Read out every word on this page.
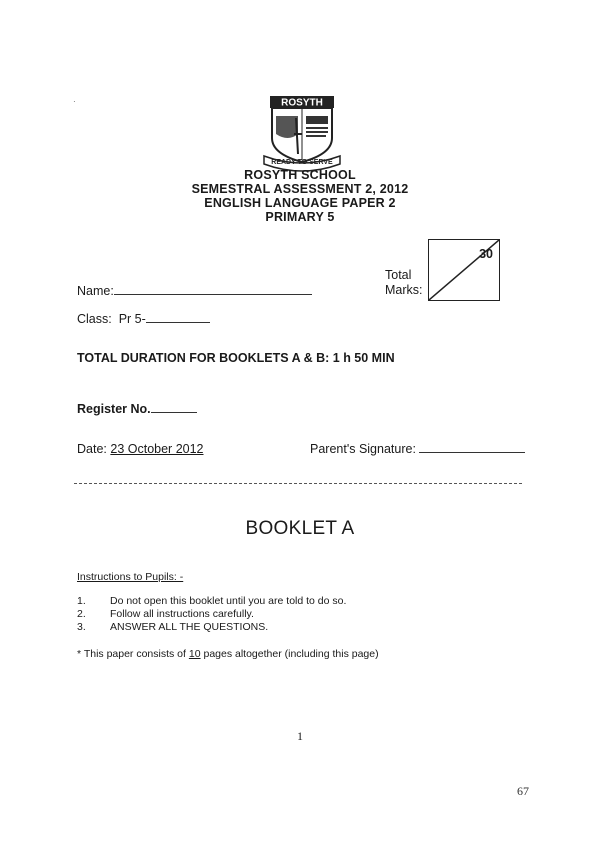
·	ROSYTH
READY TO SERVE
ROSYTH SCHOOL
SEMESTRAL ASSESSMENT 2, 2012
ENGLISH LANGUAGE PAPER 2
PRIMARY 5
Total
Marks:
30
Name:
Class: Pr 5-
TOTAL DURATION FOR BOOKLETS A & B: 1 h 50 MIN
Register No.
Date: 23 October 2012	Parent's Signature:
BOOKLET A
Instructions to Pupils: -
1. Do not open this booklet until you are told to do so.
2. Follow all instructions carefully.
3. ANSWER ALL THE QUESTIONS.
* This paper consists of 10 pages altogether (including this page)
1
67
